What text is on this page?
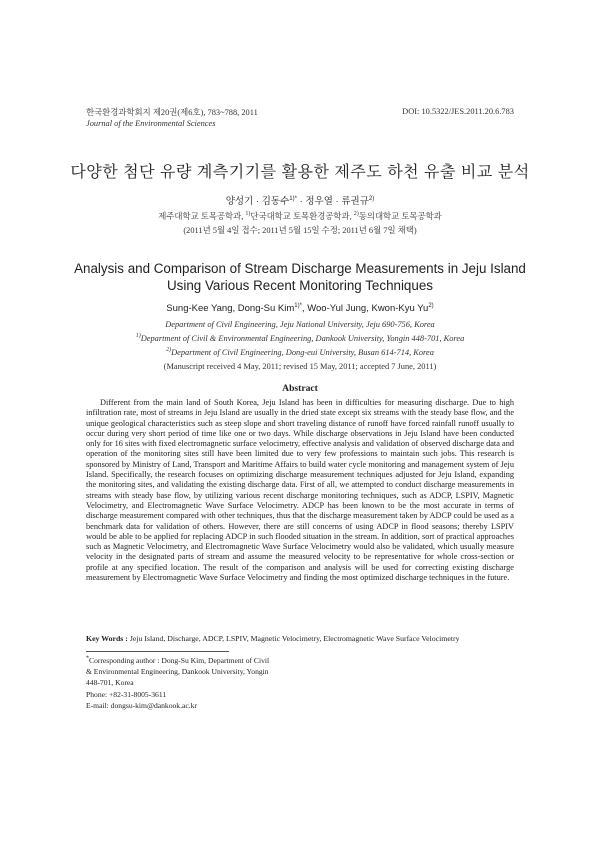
한국환경과학회지 제20권(제6호), 783~788, 2011
Journal of the Environmental Sciences
DOI: 10.5322/JES.2011.20.6.783
다양한 첨단 유량 계측기기를 활용한 제주도 하천 유출 비교 분석
양성기 · 김동수$^{1)*}$ · 정우열 · 류권규$^{2)}$
제주대학교 토목공학과, $^{1)}$단국대학교 토목환경공학과, $^{2)}$동의대학교 토목공학과
(2011년 5월 4일 접수; 2011년 5월 15일 수정; 2011년 6월 7일 채택)
Analysis and Comparison of Stream Discharge Measurements in Jeju Island Using Various Recent Monitoring Techniques
Sung-Kee Yang, Dong-Su Kim$^{1)*}$, Woo-Yul Jung, Kwon-Kyu Yu$^{2)}$
Department of Civil Engineering, Jeju National University, Jeju 690-756, Korea
$^{1)}$Department of Civil & Environmental Engineering, Dankook University, Yongin 448-701, Korea
$^{2)}$Department of Civil Engineering, Dong-eui University, Busan 614-714, Korea
(Manuscript received 4 May, 2011; revised 15 May, 2011; accepted 7 June, 2011)
Abstract

Different from the main land of South Korea, Jeju Island has been in difficulties for measuring discharge. Due to high infiltration rate, most of streams in Jeju Island are usually in the dried state except six streams with the steady base flow, and the unique geological characteristics such as steep slope and short traveling distance of runoff have forced rainfall runoff usually to occur during very short period of time like one or two days. While discharge observations in Jeju Island have been conducted only for 16 sites with fixed electromagnetic surface velocimetry, effective analysis and validation of observed discharge data and operation of the monitoring sites still have been limited due to very few professions to maintain such jobs. This research is sponsored by Ministry of Land, Transport and Maritime Affairs to build water cycle monitoring and management system of Jeju Island. Specifically, the research focuses on optimizing discharge measurement techniques adjusted for Jeju Island, expanding the monitoring sites, and validating the existing discharge data. First of all, we attempted to conduct discharge measurements in streams with steady base flow, by utilizing various recent discharge monitoring techniques, such as ADCP, LSPIV, Magnetic Velocimetry, and Electromagnetic Wave Surface Velocimetry. ADCP has been known to be the most accurate in terms of discharge measurement compared with other techniques, thus that the discharge measurement taken by ADCP could be used as a benchmark data for validation of others. However, there are still concerns of using ADCP in flood seasons; thereby LSPIV would be able to be applied for replacing ADCP in such flooded situation in the stream. In addition, sort of practical approaches such as Magnetic Velocimetry, and Electromagnetic Wave Surface Velocimetry would also be validated, which usually measure velocity in the designated parts of stream and assume the measured velocity to be representative for whole cross-section or profile at any specified location. The result of the comparison and analysis will be used for correcting existing discharge measurement by Electromagnetic Wave Surface Velocimetry and finding the most optimized discharge techniques in the future.

Key Words : Jeju Island, Discharge, ADCP, LSPIV, Magnetic Velocimetry, Electromagnetic Wave Surface Velocimetry
*Corresponding author : Dong-Su Kim, Department of Civil
& Environmental Engineering, Dankook University, Yongin
448-701, Korea
Phone: +82-31-8005-3611
E-mail: dongsu-kim@dankook.ac.kr
